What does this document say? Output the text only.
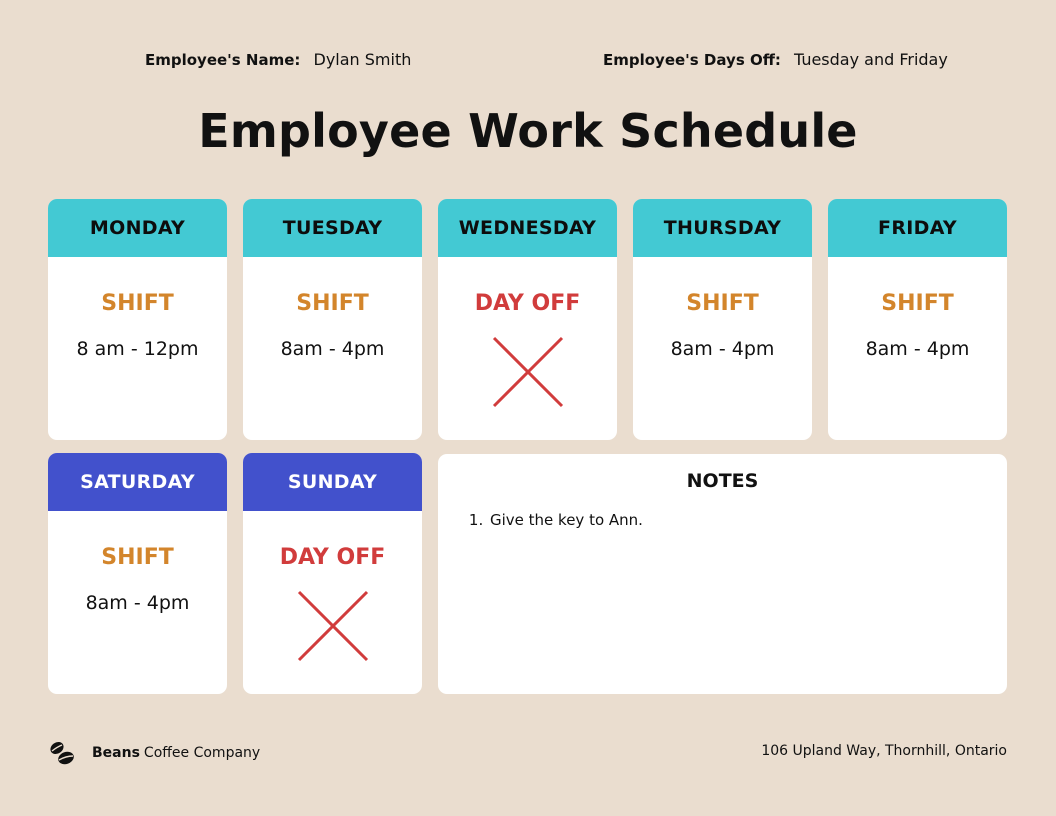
Employee's Name: Dylan Smith	Employee's Days Off: Tuesday and Friday
Employee Work Schedule
MONDAY
SHIFT
8 am - 12pm
TUESDAY
SHIFT
8am - 4pm
WEDNESDAY
DAY OFF
THURSDAY
SHIFT
8am - 4pm
FRIDAY
SHIFT
8am - 4pm
SATURDAY
SHIFT
8am - 4pm
SUNDAY
DAY OFF
NOTES
1. Give the key to Ann.
Beans Coffee Company	106 Upland Way, Thornhill, Ontario
